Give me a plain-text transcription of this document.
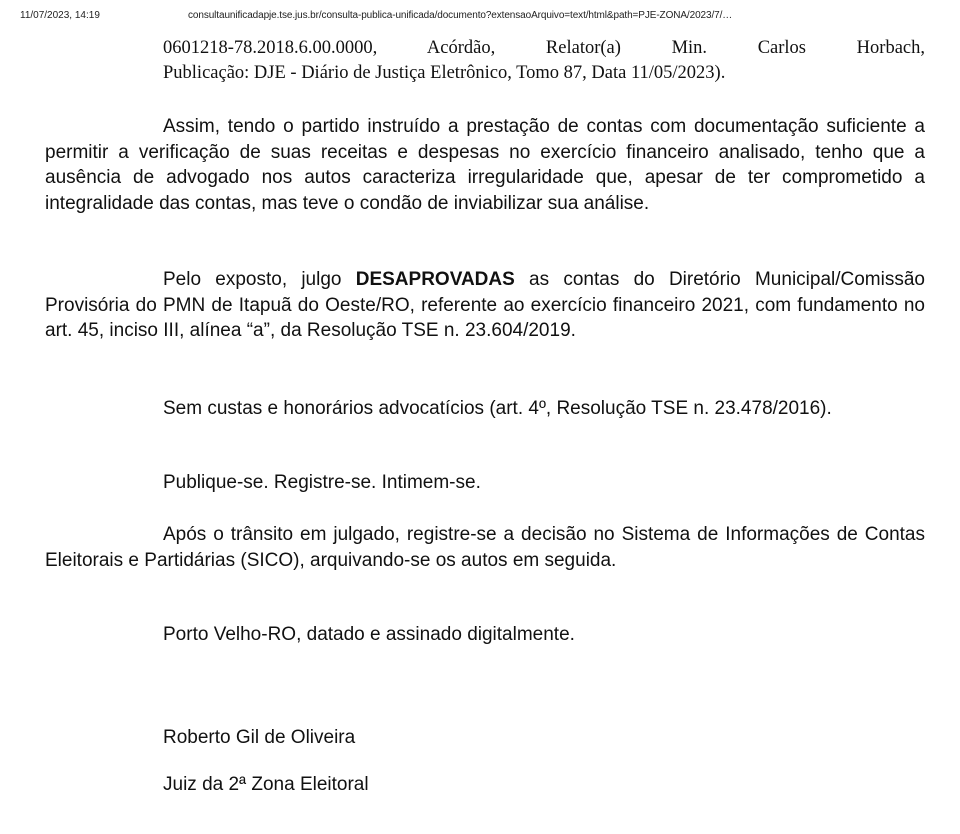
11/07/2023, 14:19	consultaunificadapje.tse.jus.br/consulta-publica-unificada/documento?extensaoArquivo=text/html&path=PJE-ZONA/2023/7/…
0601218-78.2018.6.00.0000, Acórdão, Relator(a) Min. Carlos Horbach,
Publicação: DJE - Diário de Justiça Eletrônico, Tomo 87, Data 11/05/2023).

Assim, tendo o partido instruído a prestação de contas com documentação suficiente a permitir a verificação de suas receitas e despesas no exercício financeiro analisado, tenho que a ausência de advogado nos autos caracteriza irregularidade que, apesar de ter comprometido a integralidade das contas, mas teve o condão de inviabilizar sua análise.

Pelo exposto, julgo DESAPROVADAS as contas do Diretório Municipal/Comissão Provisória do PMN de Itapuã do Oeste/RO, referente ao exercício financeiro 2021, com fundamento no art. 45, inciso III, alínea “a”, da Resolução TSE n. 23.604/2019.

Sem custas e honorários advocatícios (art. 4º, Resolução TSE n. 23.478/2016).

Publique-se. Registre-se. Intimem-se.

Após o trânsito em julgado, registre-se a decisão no Sistema de Informações de Contas Eleitorais e Partidárias (SICO), arquivando-se os autos em seguida.

Porto Velho-RO, datado e assinado digitalmente.

Roberto Gil de Oliveira

Juiz da 2ª Zona Eleitoral
